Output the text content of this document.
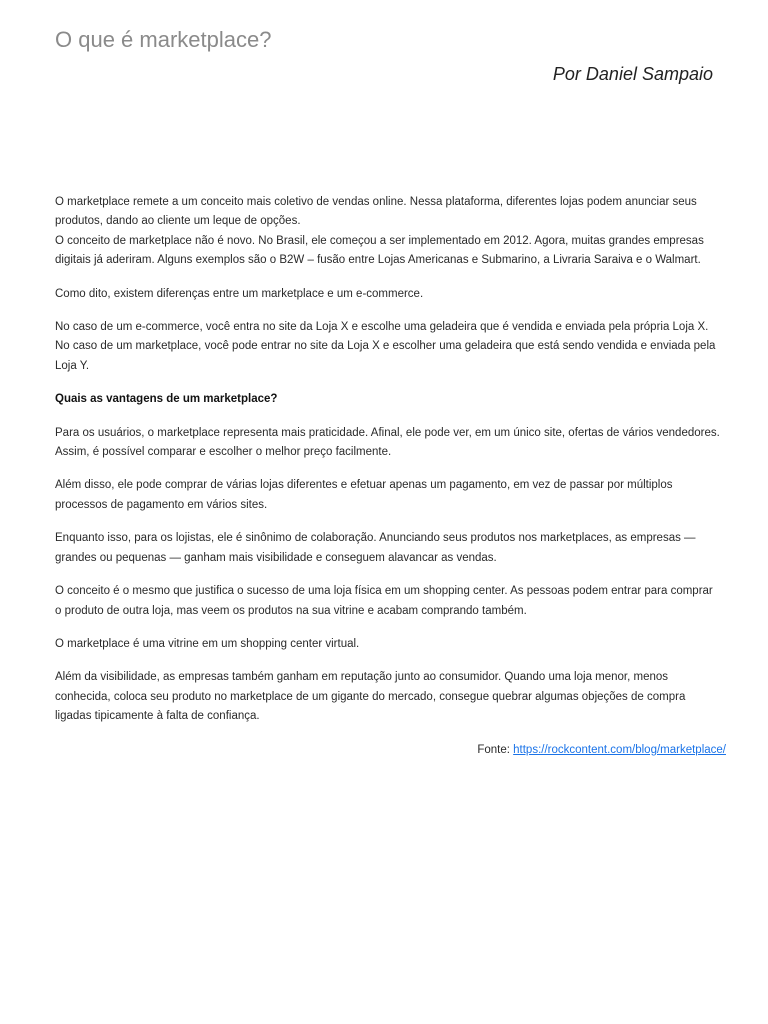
O que é marketplace?

Por Daniel Sampaio

O marketplace remete a um conceito mais coletivo de vendas online. Nessa plataforma, diferentes lojas podem anunciar seus produtos, dando ao cliente um leque de opções.

O conceito de marketplace não é novo. No Brasil, ele começou a ser implementado em 2012. Agora, muitas grandes empresas digitais já aderiram. Alguns exemplos são o B2W – fusão entre Lojas Americanas e Submarino, a Livraria Saraiva e o Walmart.

Como dito, existem diferenças entre um marketplace e um e-commerce.

No caso de um e-commerce, você entra no site da Loja X e escolhe uma geladeira que é vendida e enviada pela própria Loja X. No caso de um marketplace, você pode entrar no site da Loja X e escolher uma geladeira que está sendo vendida e enviada pela Loja Y.

Quais as vantagens de um marketplace?

Para os usuários, o marketplace representa mais praticidade. Afinal, ele pode ver, em um único site, ofertas de vários vendedores. Assim, é possível comparar e escolher o melhor preço facilmente.

Além disso, ele pode comprar de várias lojas diferentes e efetuar apenas um pagamento, em vez de passar por múltiplos processos de pagamento em vários sites.

Enquanto isso, para os lojistas, ele é sinônimo de colaboração. Anunciando seus produtos nos marketplaces, as empresas — grandes ou pequenas — ganham mais visibilidade e conseguem alavancar as vendas.

O conceito é o mesmo que justifica o sucesso de uma loja física em um shopping center. As pessoas podem entrar para comprar o produto de outra loja, mas veem os produtos na sua vitrine e acabam comprando também.

O marketplace é uma vitrine em um shopping center virtual.

Além da visibilidade, as empresas também ganham em reputação junto ao consumidor. Quando uma loja menor, menos conhecida, coloca seu produto no marketplace de um gigante do mercado, consegue quebrar algumas objeções de compra ligadas tipicamente à falta de confiança.

Fonte: https://rockcontent.com/blog/marketplace/
